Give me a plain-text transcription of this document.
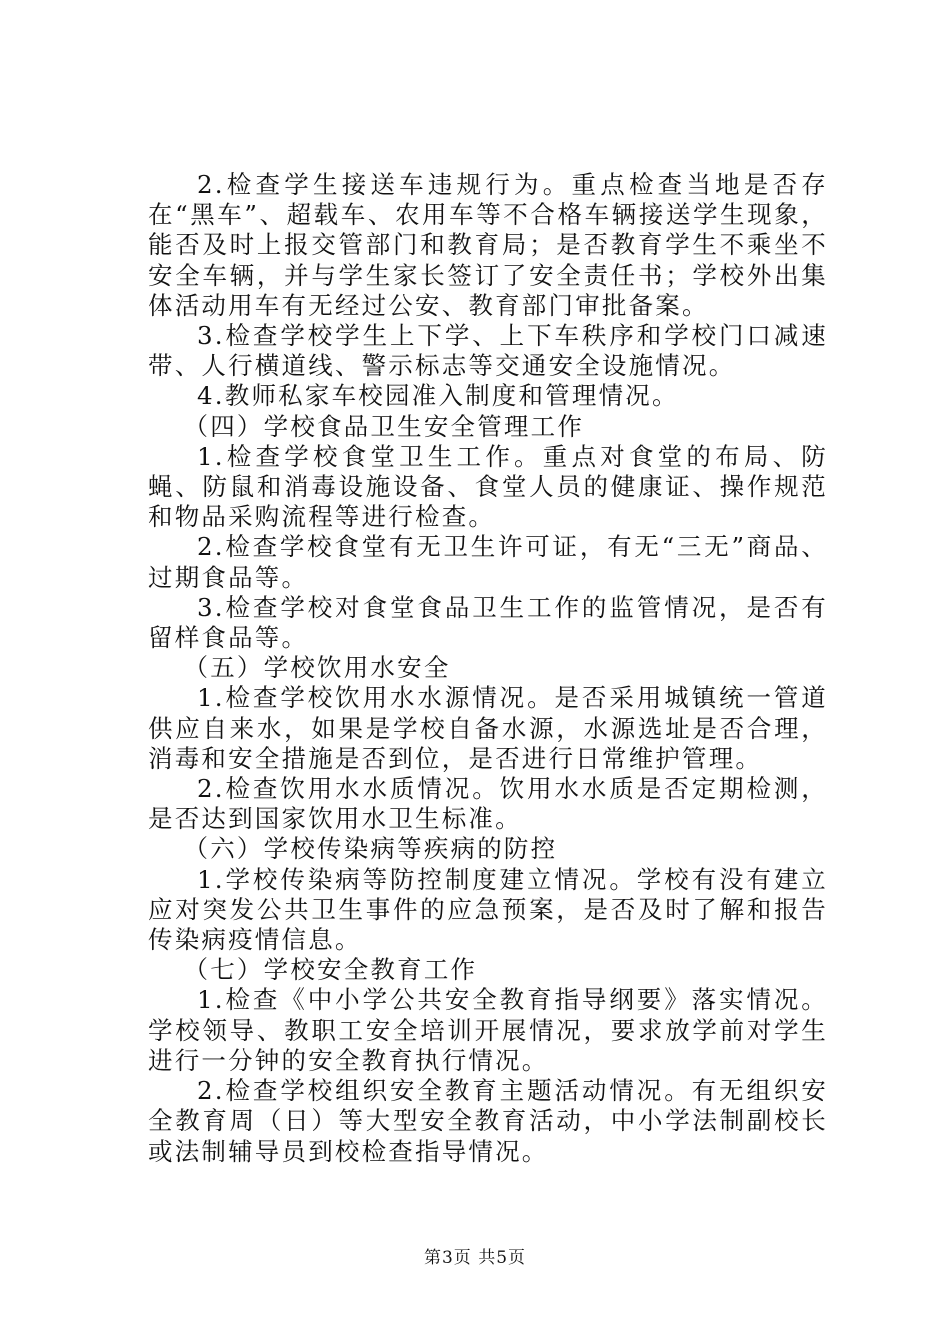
2.检查学生接送车违规行为。重点检查当地是否存在“黑车”、超载车、农用车等不合格车辆接送学生现象，能否及时上报交管部门和教育局；是否教育学生不乘坐不安全车辆，并与学生家长签订了安全责任书；学校外出集体活动用车有无经过公安、教育部门审批备案。

3.检查学校学生上下学、上下车秩序和学校门口减速带、人行横道线、警示标志等交通安全设施情况。

4.教师私家车校园准入制度和管理情况。

（四）学校食品卫生安全管理工作

1.检查学校食堂卫生工作。重点对食堂的布局、防蝇、防鼠和消毒设施设备、食堂人员的健康证、操作规范和物品采购流程等进行检查。

2.检查学校食堂有无卫生许可证，有无“三无”商品、过期食品等。

3.检查学校对食堂食品卫生工作的监管情况，是否有留样食品等。

（五）学校饮用水安全

1.检查学校饮用水水源情况。是否采用城镇统一管道供应自来水，如果是学校自备水源，水源选址是否合理，消毒和安全措施是否到位，是否进行日常维护管理。

2.检查饮用水水质情况。饮用水水质是否定期检测，是否达到国家饮用水卫生标准。

（六）学校传染病等疾病的防控

1.学校传染病等防控制度建立情况。学校有没有建立应对突发公共卫生事件的应急预案，是否及时了解和报告传染病疫情信息。

（七）学校安全教育工作

1.检查《中小学公共安全教育指导纲要》落实情况。学校领导、教职工安全培训开展情况，要求放学前对学生进行一分钟的安全教育执行情况。

2.检查学校组织安全教育主题活动情况。有无组织安全教育周（日）等大型安全教育活动，中小学法制副校长或法制辅导员到校检查指导情况。

第3页 共5页
